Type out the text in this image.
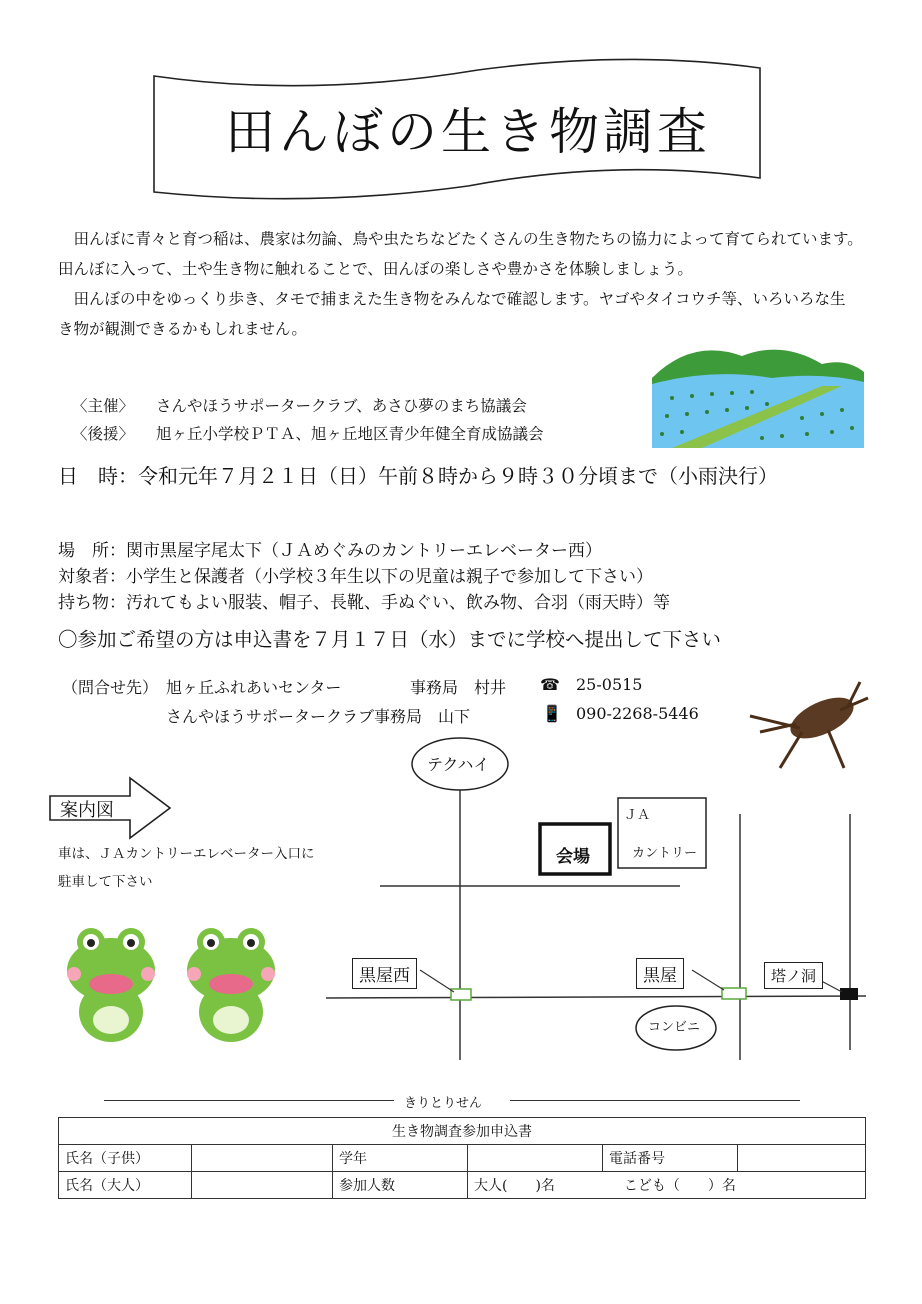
田んぼの生き物調査

田んぼに青々と育つ稲は、農家は勿論、鳥や虫たちなどたくさんの生き物たちの協力によって育てられています。田んぼに入って、土や生き物に触れることで、田んぼの楽しさや豊かさを体験しましょう。

田んぼの中をゆっくり歩き、タモで捕まえた生き物をみんなで確認します。ヤゴやタイコウチ等、いろいろな生き物が観測できるかもしれません。

〈主催〉 さんやほうサポータークラブ、あさひ夢のまち協議会
〈後援〉 旭ヶ丘小学校ＰＴＡ、旭ヶ丘地区青少年健全育成協議会
日　時：令和元年７月２１日（日）午前８時から９時３０分頃まで（小雨決行）
場　所：関市黒屋字尾太下（ＪＡめぐみのカントリーエレベーター西）
対象者：小学生と保護者（小学校３年生以下の児童は親子で参加して下さい）
持ち物：汚れてもよい服装、帽子、長靴、手ぬぐい、飲み物、合羽（雨天時）等
〇参加ご希望の方は申込書を７月１７日（水）までに学校へ提出して下さい
（問合せ先） 旭ヶ丘ふれあいセンター	事務局　村井 ☎ 25-0515
さんやほうサポータークラブ事務局　山下	📱 090-2268-5446
案内図
車は、ＪＡカントリーエレベーター入口に
駐車して下さい
テクハイ
ＪＡ
カントリー
会場
黒屋西	黒屋	塔ノ洞
コンビニ
きりとりせん
生き物調査参加申込書					
氏名（子供）		学年		電話番号	
氏名（大人）		参加人数	大人(　　)名 こども（　　）名		
